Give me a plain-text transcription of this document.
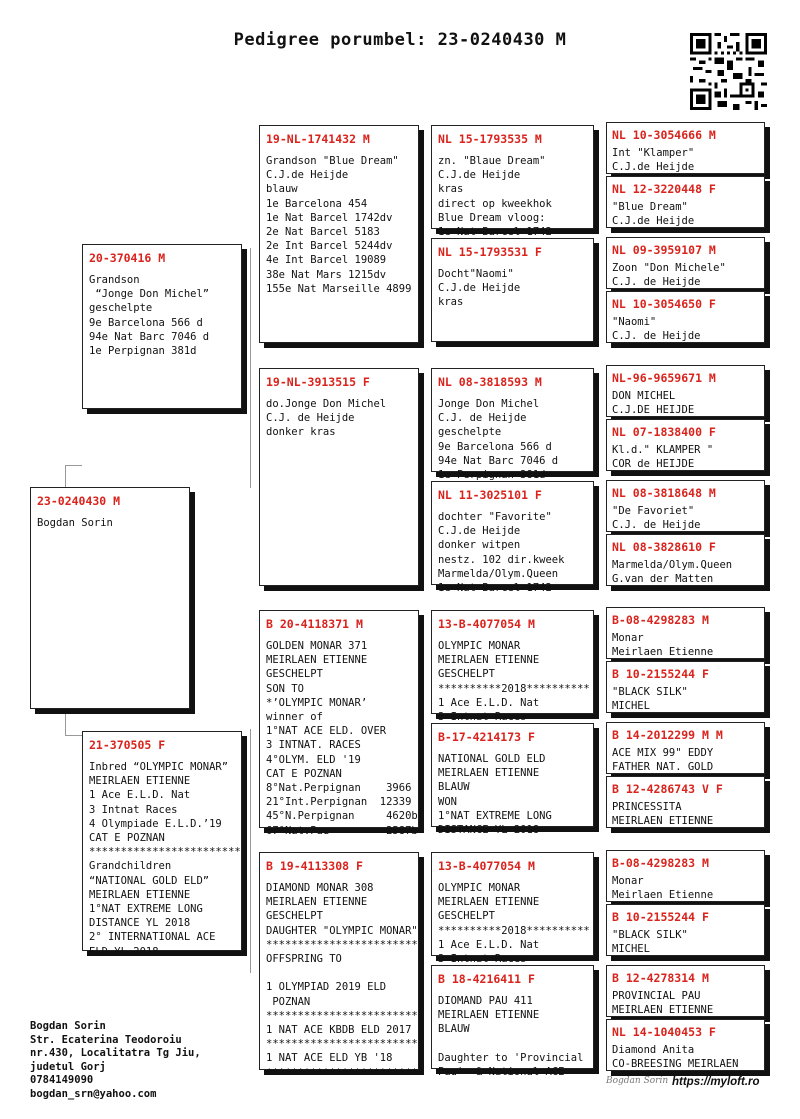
Pedigree porumbel: 23-0240430 M
23-0240430 M
Bogdan Sorin
20-370416 M
Grandson
“Jonge Don Michel”
geschelpte
9e Barcelona 566 d
94e Nat Barc 7046 d
1e Perpignan 381d
21-370505 F
Inbred “OLYMPIC MONAR”
MEIRLAEN ETIENNE
1 Ace E.L.D. Nat
3 Intnat Races
4 Olympiade E.L.D.’19
CAT E POZNAN
************************
Grandchildren
“NATIONAL GOLD ELD”
MEIRLAEN ETIENNE
1°NAT EXTREME LONG
DISTANCE YL 2018
2° INTERNATIONAL ACE
ELD YL 2018
19-NL-1741432 M
Grandson "Blue Dream"
C.J.de Heijde
blauw
1e Barcelona 454
1e Nat Barcel 1742dv
2e Nat Barcel 5183
2e Int Barcel 5244dv
4e Int Barcel 19089
38e Nat Mars 1215dv
155e Nat Marseille 4899
19-NL-3913515 F
do.Jonge Don Michel
C.J. de Heijde
donker kras
B 20-4118371 M
GOLDEN MONAR 371
MEIRLAEN ETIENNE
GESCHELPT
SON TO
*’OLYMPIC MONAR’
winner of
1°NAT ACE ELD. OVER
3 INTNAT. RACES
4°OLYM. ELD '19
CAT E POZNAN
8°Nat.Perpignan    3966
21°Int.Perpignan  12339
45°N.Perpignan     4620b
67°Nat.Pau         2587b
B 19-4113308 F
DIAMOND MONAR 308
MEIRLAEN ETIENNE
GESCHELPT
DAUGHTER "OLYMPIC MONAR"
************************
OFFSPRING TO

1 OLYMPIAD 2019 ELD
POZNAN
************************
1 NAT ACE KBDB ELD 2017
************************
1 NAT ACE ELD YB '18
************************
NL 15-1793535 M
zn. "Blaue Dream"
C.J.de Heijde
kras
direct op kweekhok
Blue Dream vloog:
1e Nat Barcel 1742
NL 15-1793531 F
Docht"Naomi"
C.J.de Heijde
kras
NL 08-3818593 M
Jonge Don Michel
C.J. de Heijde
geschelpte
9e Barcelona 566 d
94e Nat Barc 7046 d
1e Perpignan 381d
NL 11-3025101 F
dochter "Favorite"
C.J.de Heijde
donker witpen
nestz. 102 dir.kweek
Marmelda/Olym.Queen
1e Nat Barcel 1742
13-B-4077054 M
OLYMPIC MONAR
MEIRLAEN ETIENNE
GESCHELPT
**********2018**********
1 Ace E.L.D. Nat
3 Intnat Races
B-17-4214173 F
NATIONAL GOLD ELD
MEIRLAEN ETIENNE
BLAUW
WON
1°NAT EXTREME LONG
DISTANCE YL 2018
13-B-4077054 M
OLYMPIC MONAR
MEIRLAEN ETIENNE
GESCHELPT
**********2018**********
1 Ace E.L.D. Nat
3 Intnat Races
B 18-4216411 F
DIOMAND PAU 411
MEIRLAEN ETIENNE
BLAUW

Daughter to 'Provincial
Pau'  & National ACE
NL 10-3054666 M
Int "Klamper"
C.J.de Heijde
NL 12-3220448 F
"Blue Dream"
C.J.de Heijde
NL 09-3959107 M
Zoon "Don Michele"
C.J. de Heijde
NL 10-3054650 F
"Naomi"
C.J. de Heijde
NL-96-9659671 M
DON MICHEL
C.J.DE HEIJDE
NL 07-1838400 F
Kl.d." KLAMPER "
COR de HEIJDE
NL 08-3818648 M
"De Favoriet"
C.J. de Heijde
NL 08-3828610 F
Marmelda/Olym.Queen
G.van der Matten
B-08-4298283 M
Monar
Meirlaen Etienne
B 10-2155244 F
"BLACK SILK"
MICHEL
B 14-2012299 M M
ACE MIX 99" EDDY
FATHER NAT. GOLD
B 12-4286743 V F
PRINCESSITA
MEIRLAEN ETIENNE
B-08-4298283 M
Monar
Meirlaen Etienne
B 10-2155244 F
"BLACK SILK"
MICHEL
B 12-4278314 M
PROVINCIAL PAU
MEIRLAEN ETIENNE
NL 14-1040453 F
Diamond Anita
CO-BREESING MEIRLAEN
Bogdan Sorin
Str. Ecaterina Teodoroiu
nr.430, Localitatra Tg Jiu,
judetul Gorj
0784149090
bogdan_srn@yahoo.com
Bogdan Sorin https://myloft.ro
